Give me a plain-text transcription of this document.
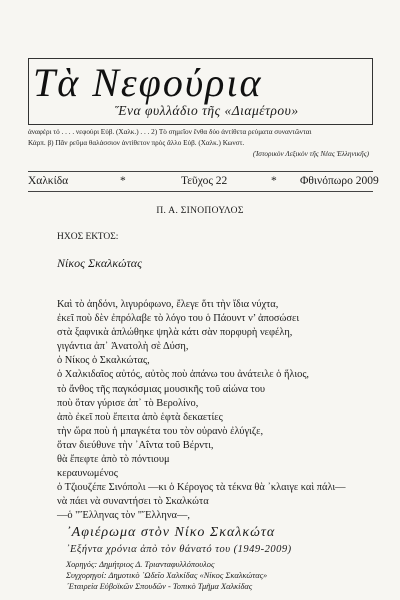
Τὰ Νεφούρια
Ἕνα φυλλάδιο τῆς «Διαμέτρου»
ἀναφέρι τό . . . . νεφούρι Εὐβ. (Χαλκ.) . . . 2) Τὸ σημεῖον ἔνθα δύο ἀντίθετα ρεύματα συναντῶνται
Κάρπ. β) Πᾶν ρεῦμα θαλάσσιον ἀντίθετον πρὸς ἄλλο Εὐβ. (Χαλκ.) Κωνστ.
(Ἱστορικὸν Λεξικὸν τῆς Νέας Ἑλληνικῆς)
Χαλκίδα	*	Τεῦχος 22	* Φθινόπωρο 2009
Π. Α. ΣΙΝΟΠΟΥΛΟΣ
ΗΧΟΣ ΕΚΤΟΣ:
Νίκος Σκαλκώτας
Καὶ τὸ ἀηδόνι, λιγυρόφωνο, ἔλεγε ὅτι τὴν ἴδια νύχτα,
ἐκεῖ ποὺ δὲν ἐπρόλαβε τὸ λόγο του ὁ Πάουντ ν’ ἀποσώσει
στὰ ξαφνικὰ ἁπλώθηκε ψηλὰ κάτι σὰν πορφυρὴ νεφέλη,
γιγάντια ἀπ᾽ Ἀνατολὴ σὲ Δύση,
ὁ Νίκος ὁ Σκαλκώτας,
ὁ Χαλκιδαῖος αὐτός, αὐτὸς ποὺ ἀπάνω του ἀνάτειλε ὁ ἥλιος,
τὸ ἄνθος τῆς παγκόσμιας μουσικῆς τοῦ αἰώνα του
ποὺ ὅταν γύρισε ἀπ᾽ τὸ Βερολίνο,
ἀπὸ ἐκεῖ ποὺ ἔπειτα ἀπὸ ἑφτὰ δεκαετίες
τὴν ὥρα ποὺ ἡ μπαγκέτα του τὸν οὐρανὸ ἐλύγιζε,
ὅταν διεύθυνε τὴν ᾽Αΐντα τοῦ Βέρντι,
θὰ ἔπεφτε ἀπὸ τὸ πόντιουμ
κεραυνωμένος
ὁ Τζιουζέπε Σινόπολι —κι ὁ Κέρογος τὰ τέκνα θὰ ᾽κλαιγε καὶ πάλι—
νὰ πάει νὰ συναντήσει τὸ Σκαλκώτα
—ὁ "Ἕλληνας τὸν "Ἕλληνα—,
᾽Αφιέρωμα στὸν Νίκο Σκαλκώτα
᾽Εξήντα χρόνια ἀπὸ τὸν θάνατό του (1949-2009)
Χορηγός: Δημήτριος Δ. Τριανταφυλλόπουλος
Συγχορηγοί: Δημοτικὸ ᾽Ωδεῖο Χαλκίδας «Νίκος Σκαλκώτας»
᾽Εταιρεία Εὐβοϊκῶν Σπουδῶν - Τοπικὸ Τμῆμα Χαλκίδας
